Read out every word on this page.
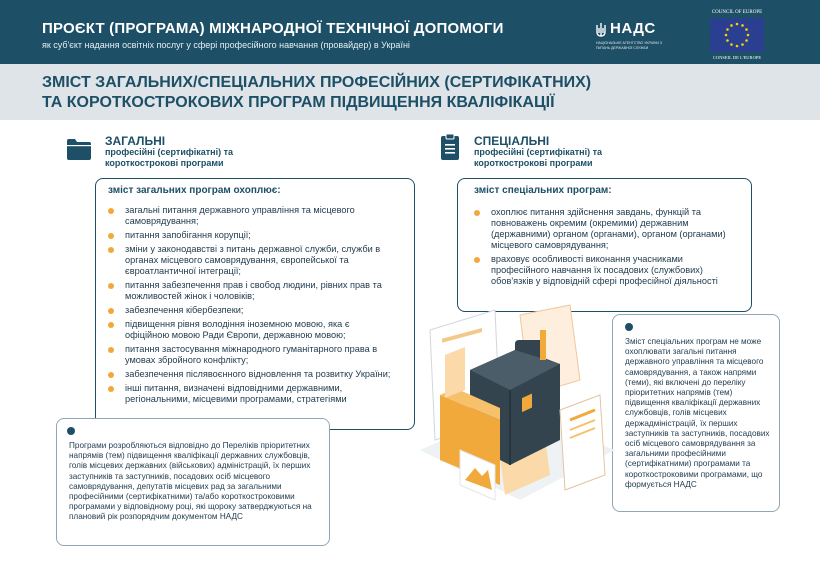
ПРОЄКТ (ПРОГРАМА) МІЖНАРОДНОЇ ТЕХНІЧНОЇ ДОПОМОГИ
як суб'єкт надання освітніх послуг у сфері професійного навчання (провайдер) в Україні
НАДС
НАЦІОНАЛЬНЕ АГЕНТСТВО УКРАЇНИ З ПИТАНЬ ДЕРЖАВНОЇ СЛУЖБИ
COUNCIL OF EUROPE
CONSEIL DE L'EUROPE
ЗМІСТ ЗАГАЛЬНИХ/СПЕЦІАЛЬНИХ ПРОФЕСІЙНИХ (СЕРТИФІКАТНИХ)
ТА КОРОТКОСТРОКОВИХ ПРОГРАМ ПІДВИЩЕННЯ КВАЛІФІКАЦІЇ
ЗАГАЛЬНІ
професійні (сертифікатні) та короткострокові програми
зміст загальних програм охоплює:
загальні питання державного управління та місцевого самоврядування;
питання запобігання корупції;
зміни у законодавстві з питань державної служби, служби в органах місцевого самоврядування, європейської та євроатлантичної інтеграції;
питання забезпечення прав і свобод людини, рівних прав та можливостей жінок і чоловіків;
забезпечення кібербезпеки;
підвищення рівня володіння іноземною мовою, яка є офіційною мовою Ради Європи, державною мовою;
питання застосування міжнародного гуманітарного права в умовах збройного конфлікту;
забезпечення післявоєнного відновлення та розвитку України;
інші питання, визначені відповідними державними, регіональними, місцевими програмами, стратегіями
Програми розробляються відповідно до Переліків пріоритетних напрямів (тем) підвищення кваліфікації державних службовців, голів місцевих державних (військових) адміністрацій, їх перших заступників та заступників, посадових осіб місцевого самоврядування, депутатів місцевих рад за загальними професійними (сертифікатними) та/або короткостроковими програмами у відповідному році, які щороку затверджуються на плановий рік розпорядчим документом НАДС
СПЕЦІАЛЬНІ
професійні (сертифікатні) та короткострокові програми
зміст спеціальних програм:
охоплює питання здійснення завдань, функцій та повноважень окремим (окремими) державним (державними) органом (органами), органом (органами) місцевого самоврядування;
враховує особливості виконання учасниками професійного навчання їх посадових (службових) обов'язків у відповідній сфері професійної діяльності
Зміст спеціальних програм не може охоплювати загальні питання державного управління та місцевого самоврядування, а також напрями (теми), які включені до переліку пріоритетних напрямів (тем) підвищення кваліфікації державних службовців, голів місцевих держадміністрацій, їх перших заступників та заступників, посадових осіб місцевого самоврядування за загальними професійними (сертифікатними) програмами та короткостроковими програмами, що формується НАДС
